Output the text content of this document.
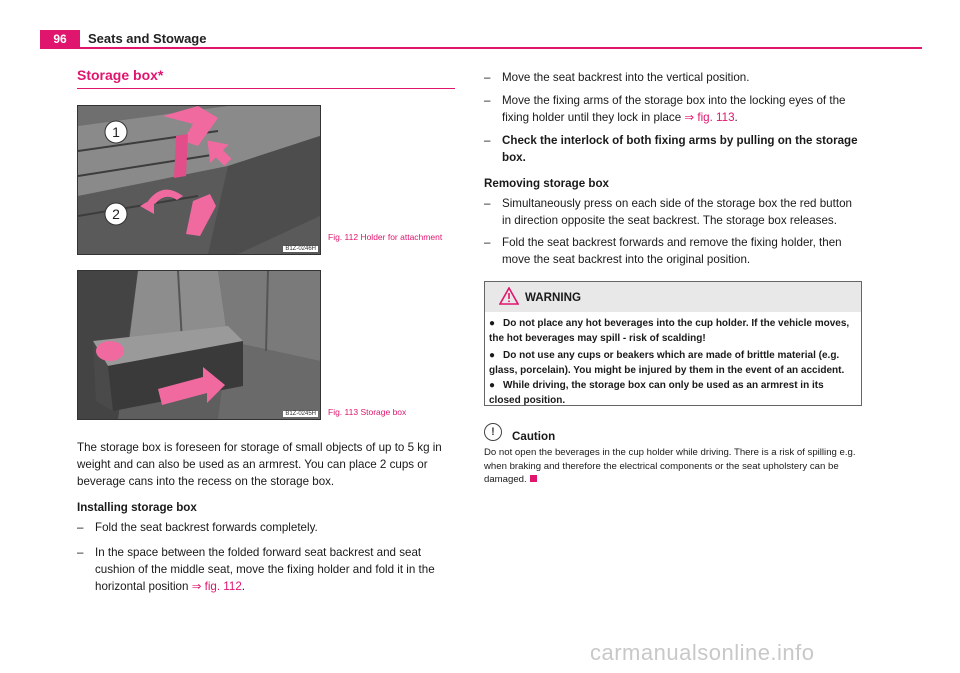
96	Seats and Stowage
Storage box*
1
2
B1Z-0246H
Fig. 112 Holder for attachment
B1Z-0245H Fig. 113 Storage box
The storage box is foreseen for storage of small objects of up to 5 kg in weight and can also be used as an armrest. You can place 2 cups or beverage cans into the recess on the storage box.
Installing storage box
– Fold the seat backrest forwards completely.
– In the space between the folded forward seat backrest and seat cushion of the middle seat, move the fixing holder and fold it in the horizontal position ⇒ fig. 112.
– Move the seat backrest into the vertical position.
– Move the fixing arms of the storage box into the locking eyes of the fixing holder until they lock in place ⇒ fig. 113.
– Check the interlock of both fixing arms by pulling on the storage box.
Removing storage box
– Simultaneously press on each side of the storage box the red button in direction opposite the seat backrest. The storage box releases.
– Fold the seat backrest forwards and remove the fixing holder, then move the seat backrest into the original position.
WARNING
● Do not place any hot beverages into the cup holder. If the vehicle moves, the hot beverages may spill - risk of scalding!
● Do not use any cups or beakers which are made of brittle material (e.g. glass, porcelain). You might be injured by them in the event of an accident.
● While driving, the storage box can only be used as an armrest in its closed position.
!	Caution
Do not open the beverages in the cup holder while driving. There is a risk of spilling e.g. when braking and therefore the electrical components or the seat upholstery can be damaged.
carmanualsonline.info
